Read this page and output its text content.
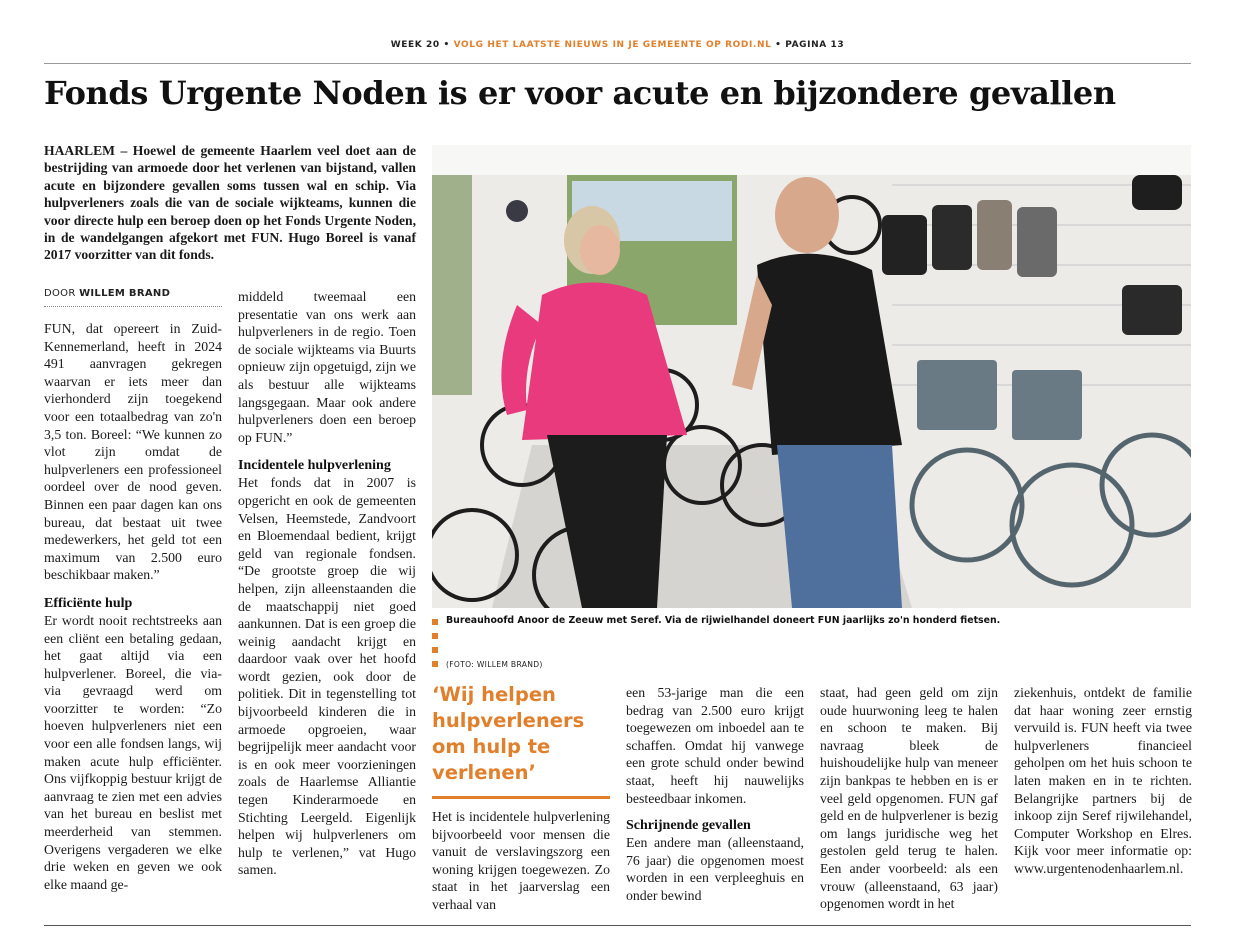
WEEK 20 • VOLG HET LAATSTE NIEUWS IN JE GEMEENTE OP RODI.NL • PAGINA 13
Fonds Urgente Noden is er voor acute en bijzondere gevallen

HAARLEM – Hoewel de gemeente Haarlem veel doet aan de bestrijding van armoede door het verlenen van bijstand, vallen acute en bijzondere gevallen soms tussen wal en schip. Via hulpverleners zoals die van de sociale wijkteams, kunnen die voor directe hulp een beroep doen op het Fonds Urgente Noden, in de wandelgangen afgekort met FUN. Hugo Boreel is vanaf 2017 voorzitter van dit fonds.

DOOR WILLEM BRAND

FUN, dat opereert in Zuid-Kennemerland, heeft in 2024 491 aanvragen gekregen waarvan er iets meer dan vierhonderd zijn toegekend voor een totaalbedrag van zo'n 3,5 ton. Boreel: “We kunnen zo vlot zijn omdat de hulpverleners een professioneel oordeel over de nood geven. Binnen een paar dagen kan ons bureau, dat bestaat uit twee medewerkers, het geld tot een maximum van 2.500 euro beschikbaar maken.”

Efficiënte hulp

Er wordt nooit rechtstreeks aan een cliënt een betaling gedaan, het gaat altijd via een hulpverlener. Boreel, die via-via gevraagd werd om voorzitter te worden: “Zo hoeven hulpverleners niet een voor een alle fondsen langs, wij maken acute hulp efficiënter. Ons vijfkoppig bestuur krijgt de aanvraag te zien met een advies van het bureau en beslist met meerderheid van stemmen. Overigens vergaderen we elke drie weken en geven we ook elke maand ge-

middeld tweemaal een presentatie van ons werk aan hulpverleners in de regio. Toen de sociale wijkteams via Buurts opnieuw zijn opgetuigd, zijn we als bestuur alle wijkteams langsgegaan. Maar ook andere hulpverleners doen een beroep op FUN.”

Incidentele hulpverlening

Het fonds dat in 2007 is opgericht en ook de gemeenten Velsen, Heemstede, Zandvoort en Bloemendaal bedient, krijgt geld van regionale fondsen. “De grootste groep die wij helpen, zijn alleenstaanden die de maatschappij niet goed aankunnen. Dat is een groep die weinig aandacht krijgt en daardoor vaak over het hoofd wordt gezien, ook door de politiek. Dit in tegenstelling tot bijvoorbeeld kinderen die in armoede opgroeien, waar begrijpelijk meer aandacht voor is en ook meer voorzieningen zoals de Haarlemse Alliantie tegen Kinderarmoede en Stichting Leergeld. Eigenlijk helpen wij hulpverleners om hulp te verlenen,” vat Hugo samen.

Bureauhoofd Anoor de Zeeuw met Seref. Via de rijwielhandel doneert FUN jaarlijks zo'n honderd fietsen.
(FOTO: WILLEM BRAND)
‘Wij helpen hulpverleners om hulp te verlenen’

Het is incidentele hulpverlening bijvoorbeeld voor mensen die vanuit de verslavingszorg een woning krijgen toegewezen. Zo staat in het jaarverslag een verhaal van

een 53-jarige man die een bedrag van 2.500 euro krijgt toegewezen om inboedel aan te schaffen. Omdat hij vanwege een grote schuld onder bewind staat, heeft hij nauwelijks besteedbaar inkomen.

Schrijnende gevallen

Een andere man (alleenstaand, 76 jaar) die opgenomen moest worden in een verpleeghuis en onder bewind

staat, had geen geld om zijn oude huurwoning leeg te halen en schoon te maken. Bij navraag bleek de huishoudelijke hulp van meneer zijn bankpas te hebben en is er veel geld opgenomen. FUN gaf geld en de hulpverlener is bezig om langs juridische weg het gestolen geld terug te halen. Een ander voorbeeld: als een vrouw (alleenstaand, 63 jaar) opgenomen wordt in het

ziekenhuis, ontdekt de familie dat haar woning zeer ernstig vervuild is. FUN heeft via twee hulpverleners financieel geholpen om het huis schoon te laten maken en in te richten. Belangrijke partners bij de inkoop zijn Seref rijwilehandel, Computer Workshop en Elres. Kijk voor meer informatie op: www.urgentenodenhaarlem.nl.
